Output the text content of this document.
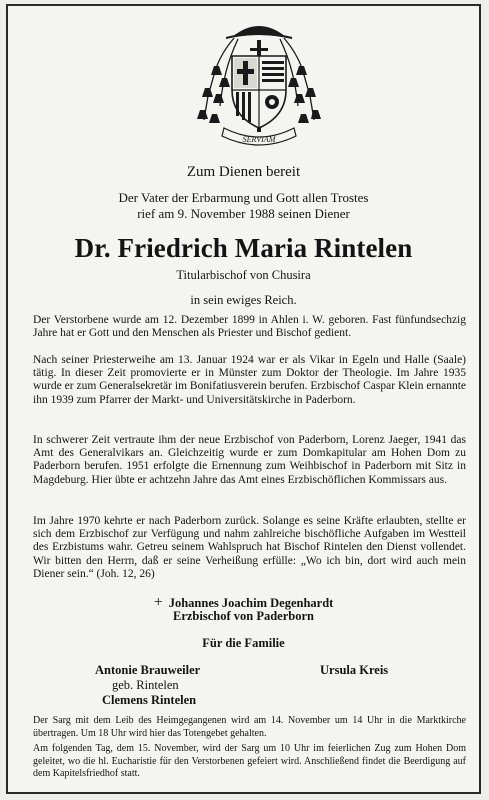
SERVIAM
Zum Dienen bereit
Der Vater der Erbarmung und Gott allen Trostes
rief am 9. November 1988 seinen Diener
Dr. Friedrich Maria Rintelen
Titularbischof von Chusira
in sein ewiges Reich.

Der Verstorbene wurde am 12. Dezember 1899 in Ahlen i. W. geboren. Fast fünfundsechzig Jahre hat er Gott und den Menschen als Priester und Bischof gedient.

Nach seiner Priesterweihe am 13. Januar 1924 war er als Vikar in Egeln und Halle (Saale) tätig. In dieser Zeit promovierte er in Münster zum Doktor der Theologie. Im Jahre 1935 wurde er zum Generalsekretär im Bonifatiusverein berufen. Erzbischof Caspar Klein ernannte ihn 1939 zum Pfarrer der Markt- und Universitätskirche in Paderborn.

In schwerer Zeit vertraute ihm der neue Erzbischof von Paderborn, Lorenz Jaeger, 1941 das Amt des Generalvikars an. Gleichzeitig wurde er zum Domkapitular am Hohen Dom zu Paderborn berufen. 1951 erfolgte die Ernennung zum Weihbischof in Paderborn mit Sitz in Magdeburg. Hier übte er achtzehn Jahre das Amt eines Erzbischöflichen Kommissars aus.

Im Jahre 1970 kehrte er nach Paderborn zurück. Solange es seine Kräfte erlaubten, stellte er sich dem Erzbischof zur Verfügung und nahm zahlreiche bischöfliche Aufgaben im Westteil des Erzbistums wahr. Getreu seinem Wahlspruch hat Bischof Rintelen den Dienst vollendet. Wir bitten den Herrn, daß er seine Verheißung erfülle: „Wo ich bin, dort wird auch mein Diener sein.“ (Joh. 12, 26)

+ Johannes Joachim Degenhardt
Erzbischof von Paderborn
Für die Familie
Antonie Brauweiler
geb. Rintelen
Clemens Rintelen
Ursula Kreis

Der Sarg mit dem Leib des Heimgegangenen wird am 14. November um 14 Uhr in die Marktkirche übertragen. Um 18 Uhr wird hier das Totengebet gehalten.

Am folgenden Tag, dem 15. November, wird der Sarg um 10 Uhr im feierlichen Zug zum Hohen Dom geleitet, wo die hl. Eucharistie für den Verstorbenen gefeiert wird. Anschließend findet die Beerdigung auf dem Kapitelsfriedhof statt.
